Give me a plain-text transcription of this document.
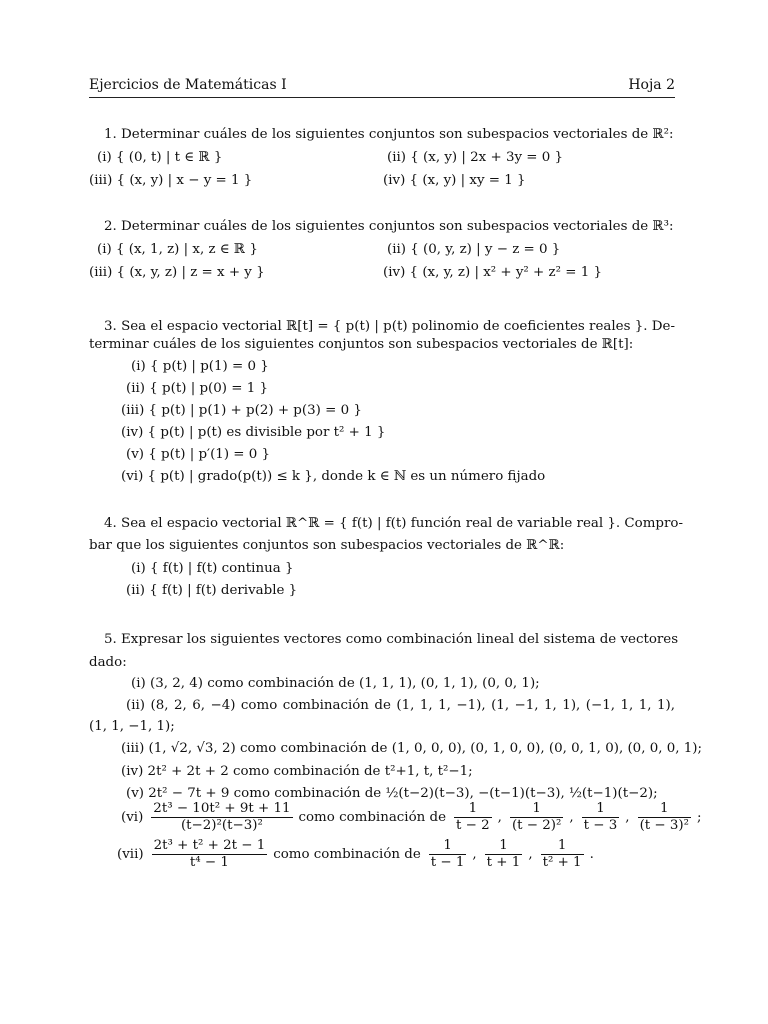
Ejercicios de Matemáticas I	Hoja 2
1. Determinar cuáles de los siguientes conjuntos son subespacios vectoriales de ℝ²:
(i) { (0, t) | t ∈ ℝ }	(ii) { (x, y) | 2x + 3y = 0 }
(iii) { (x, y) | x − y = 1 }	(iv) { (x, y) | xy = 1 }
2. Determinar cuáles de los siguientes conjuntos son subespacios vectoriales de ℝ³:
(i) { (x, 1, z) | x, z ∈ ℝ }	(ii) { (0, y, z) | y − z = 0 }
(iii) { (x, y, z) | z = x + y }	(iv) { (x, y, z) | x² + y² + z² = 1 }
3. Sea el espacio vectorial ℝ[t] = { p(t) | p(t) polinomio de coeficientes reales }. De-
terminar cuáles de los siguientes conjuntos son subespacios vectoriales de ℝ[t]:
(i) { p(t) | p(1) = 0 }
(ii) { p(t) | p(0) = 1 }
(iii) { p(t) | p(1) + p(2) + p(3) = 0 }
(iv) { p(t) | p(t) es divisible por t² + 1 }
(v) { p(t) | p′(1) = 0 }
(vi) { p(t) | grado(p(t)) ≤ k }, donde k ∈ ℕ es un número fijado
4. Sea el espacio vectorial ℝ^ℝ = { f(t) | f(t) función real de variable real }. Compro-
bar que los siguientes conjuntos son subespacios vectoriales de ℝ^ℝ:
(i) { f(t) | f(t) continua }
(ii) { f(t) | f(t) derivable }
5. Expresar los siguientes vectores como combinación lineal del sistema de vectores
dado:
(i) (3, 2, 4) como combinación de (1, 1, 1), (0, 1, 1), (0, 0, 1);
(ii) (8, 2, 6, −4) como combinación de (1, 1, 1, −1), (1, −1, 1, 1), (−1, 1, 1, 1),
(1, 1, −1, 1);
(iii) (1, √2, √3, 2) como combinación de (1, 0, 0, 0), (0, 1, 0, 0), (0, 0, 1, 0), (0, 0, 0, 1);
(iv) 2t² + 2t + 2 como combinación de t²+1, t, t²−1;
(v) 2t² − 7t + 9 como combinación de ½(t−2)(t−3), −(t−1)(t−3), ½(t−1)(t−2);
$(vi) \frac{\text{2t³ − 10t² + 9t + 11}}{\text{(t−2)²(t−3)²}}$ como combinación de $\frac{1}{t - 2}$ , $\frac{1}{\text{(t − 2)²}}$ , $\frac{1}{t - 3}$ , $\frac{1}{\text{(t − 3)²}}$ ;
$(vii) \frac{\text{2t³ + t² + 2t − 1}}{\text{t⁴ − 1}}$ como combinación de $\frac{1}{t - 1}$ , $\frac{1}{t + 1}$ , $\frac{1}{\text{t² + 1}}$ .
